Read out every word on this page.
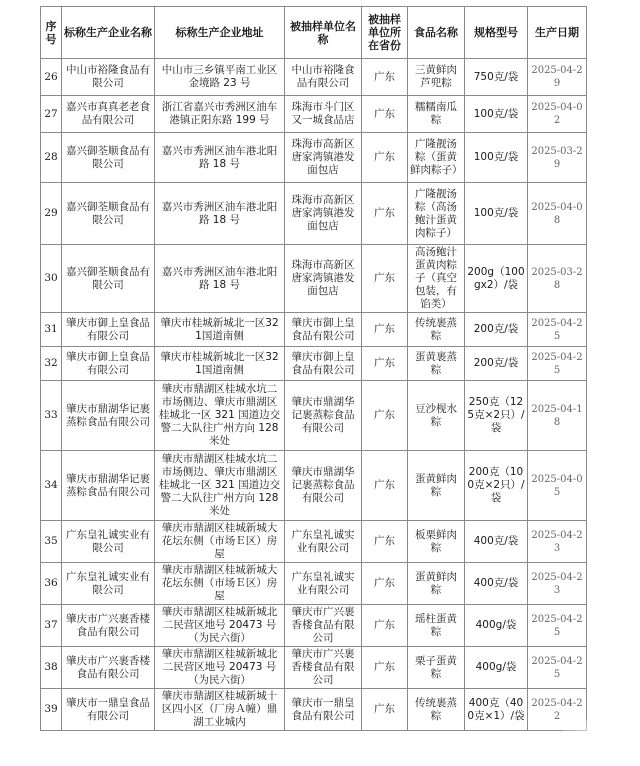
序号	标称生产企业名称	标称生产企业地址	被抽样单位名称	被抽样单位所在省份	食品名称	规格型号	生产日期
26	中山市裕隆食品有限公司	中山市三乡镇平南工业区金境路 23 号	中山市裕隆食品有限公司	广东	三黄鲜肉芦兜粽	750克/袋	2025-04-29
27	嘉兴市真真老老食品有限公司	浙江省嘉兴市秀洲区油车港镇正阳东路 199 号	珠海市斗门区又一城食品店	广东	糯糯南瓜粽	100克/袋	2025-04-02
28	嘉兴御荃顺食品有限公司	嘉兴市秀洲区油车港北阳路 18 号	珠海市高新区唐家湾镇港发面包店	广东	广隆靓汤粽（蛋黄鲜肉粽子）	100克/袋	2025-03-29
29	嘉兴御荃顺食品有限公司	嘉兴市秀洲区油车港北阳路 18 号	珠海市高新区唐家湾镇港发面包店	广东	广隆靓汤粽（高汤鲍汁蛋黄肉粽子）	100克/袋	2025-04-08
30	嘉兴御荃顺食品有限公司	嘉兴市秀洲区油车港北阳路 18 号	珠海市高新区唐家湾镇港发面包店	广东	高汤鲍汁蛋黄肉粽子（真空包装，有馅类）	200g（100gx2）/袋	2025-03-28
31	肇庆市御上皇食品有限公司	肇庆市桂城新城北一区321国道南侧	肇庆市御上皇食品有限公司	广东	传统裹蒸粽	200克/袋	2025-04-25
32	肇庆市御上皇食品有限公司	肇庆市桂城新城北一区321国道南侧	肇庆市御上皇食品有限公司	广东	蛋黄裹蒸粽	200克/袋	2025-04-25
33	肇庆市鼎湖华记裹蒸粽食品有限公司	肇庆市鼎湖区桂城水坑二市场侧边、肇庆市鼎湖区桂城北一区 321 国道边交警二大队往广州方向 128 米处	肇庆市鼎湖华记裹蒸粽食品有限公司	广东	豆沙枧水粽	250克（125克×2只）/袋	2025-04-18
34	肇庆市鼎湖华记裹蒸粽食品有限公司	肇庆市鼎湖区桂城水坑二市场侧边、肇庆市鼎湖区桂城北一区 321 国道边交警二大队往广州方向 128 米处	肇庆市鼎湖华记裹蒸粽食品有限公司	广东	蛋黄鲜肉粽	200克（100克×2只）/袋	2025-04-05
35	广东皇礼诚实业有限公司	肇庆市鼎湖区桂城新城大花坛东侧（市场Ｅ区）房屋	广东皇礼诚实业有限公司	广东	板栗鲜肉粽	400克/袋	2025-04-23
36	广东皇礼诚实业有限公司	肇庆市鼎湖区桂城新城大花坛东侧（市场Ｅ区）房屋	广东皇礼诚实业有限公司	广东	蛋黄鲜肉粽	400克/袋	2025-04-23
37	肇庆市广兴裹香楼食品有限公司	肇庆市鼎湖区桂城新城北二民营区地号 20473 号（为民六街）	肇庆市广兴裹香楼食品有限公司	广东	瑶柱蛋黄粽	400g/袋	2025-04-25
38	肇庆市广兴裹香楼食品有限公司	肇庆市鼎湖区桂城新城北二民营区地号 20473 号（为民六街）	肇庆市广兴裹香楼食品有限公司	广东	栗子蛋黄粽	400g/袋	2025-04-25
39	肇庆市一鼎皇食品有限公司	肇庆市鼎湖区桂城新城十区四小区（厂房Ａ幢）鼎湖工业城内	肇庆市一鼎皇食品有限公司	广东	传统裹蒸粽	400克（400克×1）/袋	2025-04-22
